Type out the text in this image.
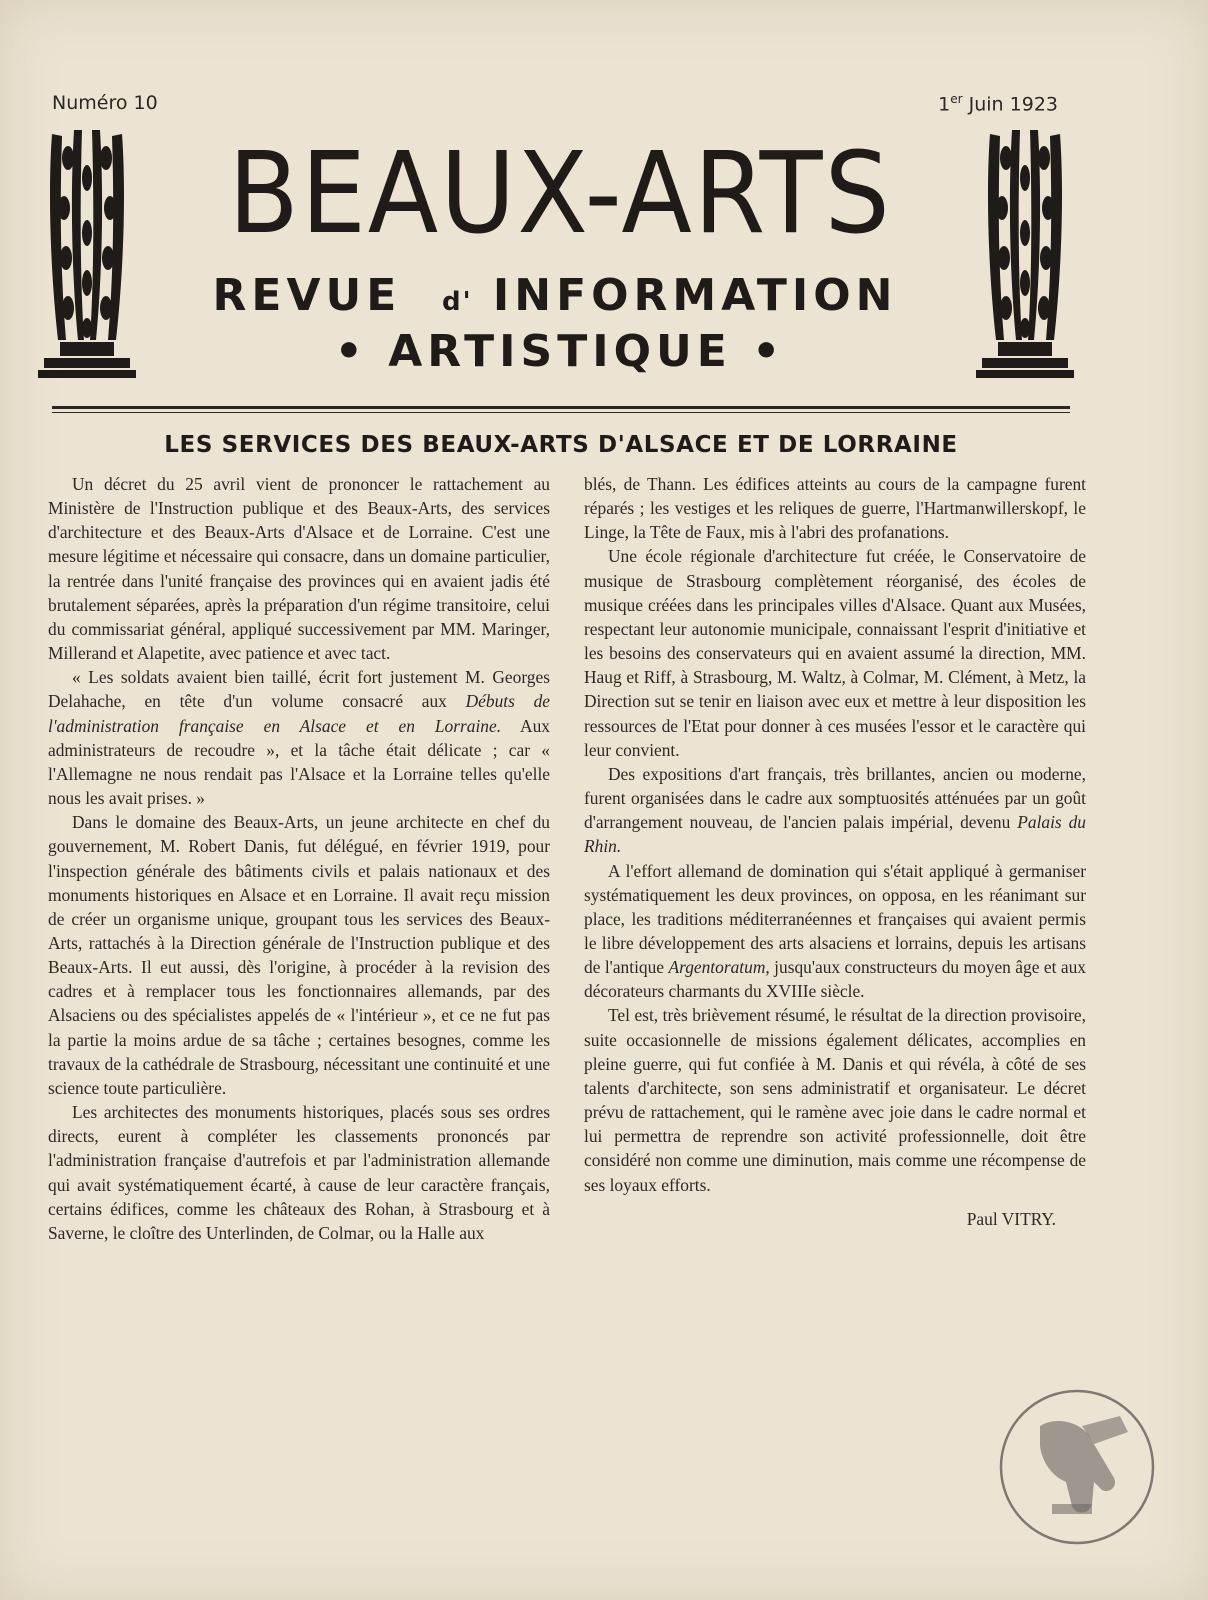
Numéro 10	1er Juin 1923
BEAUX-ARTS
REVUE d' INFORMATION
• ARTISTIQUE •
LES SERVICES DES BEAUX-ARTS D'ALSACE ET DE LORRAINE

Un décret du 25 avril vient de prononcer le rattachement au Ministère de l'Instruction publique et des Beaux-Arts, des services d'architecture et des Beaux-Arts d'Alsace et de Lorraine. C'est une mesure légitime et nécessaire qui consacre, dans un domaine particulier, la rentrée dans l'unité française des provinces qui en avaient jadis été brutalement séparées, après la préparation d'un régime transitoire, celui du commissariat général, appliqué successivement par MM. Maringer, Millerand et Alapetite, avec patience et avec tact.

« Les soldats avaient bien taillé, écrit fort justement M. Georges Delahache, en tête d'un volume consacré aux Débuts de l'administration française en Alsace et en Lorraine. Aux administrateurs de recoudre », et la tâche était délicate ; car « l'Allemagne ne nous rendait pas l'Alsace et la Lorraine telles qu'elle nous les avait prises. »

Dans le domaine des Beaux-Arts, un jeune architecte en chef du gouvernement, M. Robert Danis, fut délégué, en février 1919, pour l'inspection générale des bâtiments civils et palais nationaux et des monuments historiques en Alsace et en Lorraine. Il avait reçu mission de créer un organisme unique, groupant tous les services des Beaux-Arts, rattachés à la Direction générale de l'Instruction publique et des Beaux-Arts. Il eut aussi, dès l'origine, à procéder à la revision des cadres et à remplacer tous les fonctionnaires allemands, par des Alsaciens ou des spécialistes appelés de « l'intérieur », et ce ne fut pas la partie la moins ardue de sa tâche ; certaines besognes, comme les travaux de la cathédrale de Strasbourg, nécessitant une continuité et une science toute particulière.

Les architectes des monuments historiques, placés sous ses ordres directs, eurent à compléter les classements prononcés par l'administration française d'autrefois et par l'administration allemande qui avait systématiquement écarté, à cause de leur caractère français, certains édifices, comme les châteaux des Rohan, à Strasbourg et à Saverne, le cloître des Unterlinden, de Colmar, ou la Halle aux

blés, de Thann. Les édifices atteints au cours de la campagne furent réparés ; les vestiges et les reliques de guerre, l'Hartmanwillerskopf, le Linge, la Tête de Faux, mis à l'abri des profanations.

Une école régionale d'architecture fut créée, le Conservatoire de musique de Strasbourg complètement réorganisé, des écoles de musique créées dans les principales villes d'Alsace. Quant aux Musées, respectant leur autonomie municipale, connaissant l'esprit d'initiative et les besoins des conservateurs qui en avaient assumé la direction, MM. Haug et Riff, à Strasbourg, M. Waltz, à Colmar, M. Clément, à Metz, la Direction sut se tenir en liaison avec eux et mettre à leur disposition les ressources de l'Etat pour donner à ces musées l'essor et le caractère qui leur convient.

Des expositions d'art français, très brillantes, ancien ou moderne, furent organisées dans le cadre aux somptuosités atténuées par un goût d'arrangement nouveau, de l'ancien palais impérial, devenu Palais du Rhin.

A l'effort allemand de domination qui s'était appliqué à germaniser systématiquement les deux provinces, on opposa, en les réanimant sur place, les traditions méditerranéennes et françaises qui avaient permis le libre développement des arts alsaciens et lorrains, depuis les artisans de l'antique Argentoratum, jusqu'aux constructeurs du moyen âge et aux décorateurs charmants du XVIIIe siècle.

Tel est, très brièvement résumé, le résultat de la direction provisoire, suite occasionnelle de missions également délicates, accomplies en pleine guerre, qui fut confiée à M. Danis et qui révéla, à côté de ses talents d'architecte, son sens administratif et organisateur. Le décret prévu de rattachement, qui le ramène avec joie dans le cadre normal et lui permettra de reprendre son activité professionnelle, doit être considéré non comme une diminution, mais comme une récompense de ses loyaux efforts.

Paul VITRY.
